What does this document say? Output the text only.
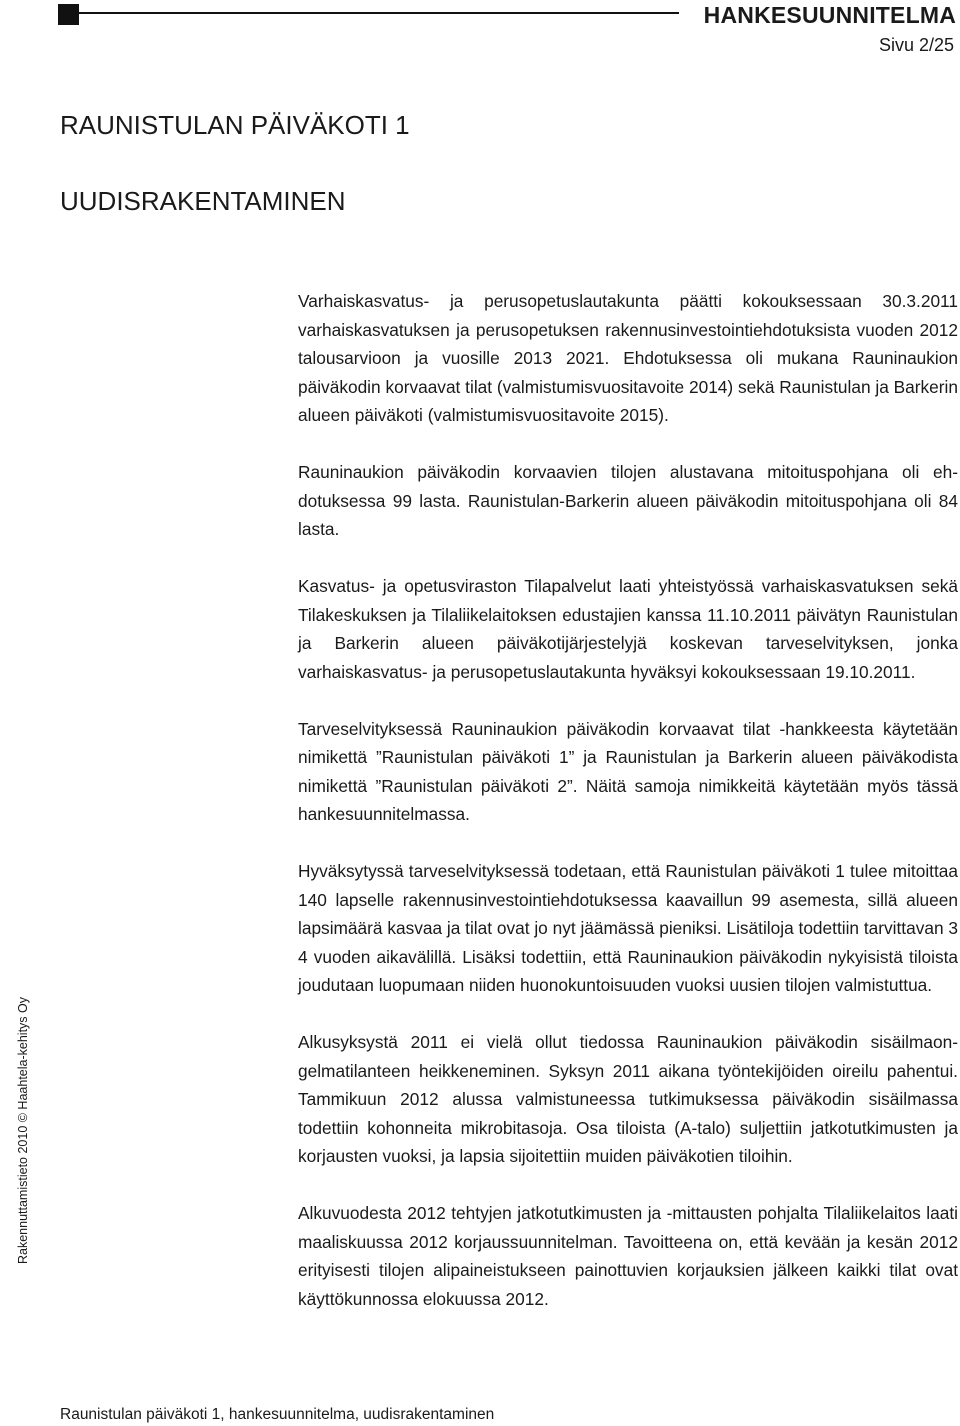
HANKESUUNNITELMA
Sivu 2/25
RAUNISTULAN PÄIVÄKOTI 1
UUDISRAKENTAMINEN

Varhaiskasvatus- ja perusopetuslautakunta päätti kokouksessaan 30.3.2011 varhaiskasvatuksen ja perusopetuksen rakennusinvestointiehdotuksista vuoden 2012 talousarvioon ja vuosille 2013 2021. Ehdotuksessa oli mukana Rauninaukion päiväkodin korvaavat tilat (valmistumisvuositavoite 2014) sekä Raunistulan ja Barkerin alueen päiväkoti (valmistumisvuositavoite 2015).

Rauninaukion päiväkodin korvaavien tilojen alustavana mitoituspohjana oli ehdotuksessa 99 lasta. Raunistulan-Barkerin alueen päiväkodin mitoituspohjana oli 84 lasta.

Kasvatus- ja opetusviraston Tilapalvelut laati yhteistyössä varhaiskasvatuksen sekä Tilakeskuksen ja Tilaliikelaitoksen edustajien kanssa 11.10.2011 päivätyn Raunistulan ja Barkerin alueen päiväkotijärjestelyjä koskevan tarveselvityksen, jonka varhaiskasvatus- ja perusopetuslautakunta hyväksyi kokouksessaan 19.10.2011.

Tarveselvityksessä Rauninaukion päiväkodin korvaavat tilat -hankkeesta käytetään nimikettä ”Raunistulan päiväkoti 1” ja Raunistulan ja Barkerin alueen päiväkodista nimikettä ”Raunistulan päiväkoti 2”. Näitä samoja nimikkeitä käytetään myös tässä hankesuunnitelmassa.

Hyväksytyssä tarveselvityksessä todetaan, että Raunistulan päiväkoti 1 tulee mitoittaa 140 lapselle rakennusinvestointiehdotuksessa kaavaillun 99 asemesta, sillä alueen lapsimäärä kasvaa ja tilat ovat jo nyt jäämässä pieniksi. Lisätiloja todettiin tarvittavan 3 4 vuoden aikavälillä. Lisäksi todettiin, että Rauninaukion päiväkodin nykyisistä tiloista joudutaan luopumaan niiden huonokuntoisuuden vuoksi uusien tilojen valmistuttua.

Alkusyksystä 2011 ei vielä ollut tiedossa Rauninaukion päiväkodin sisäilmaongelmatilanteen heikkeneminen. Syksyn 2011 aikana työntekijöiden oireilu pahentui. Tammikuun 2012 alussa valmistuneessa tutkimuksessa päiväkodin sisäilmassa todettiin kohonneita mikrobitasoja. Osa tiloista (A-talo) suljettiin jatkotutkimusten ja korjausten vuoksi, ja lapsia sijoitettiin muiden päiväkotien tiloihin.

Alkuvuodesta 2012 tehtyjen jatkotutkimusten ja -mittausten pohjalta Tilaliikelaitos laati maaliskuussa 2012 korjaussuunnitelman. Tavoitteena on, että kevään ja kesän 2012 erityisesti tilojen alipaineistukseen painottuvien korjauksien jälkeen kaikki tilat ovat käyttökunnossa elokuussa 2012.

Rakennuttamistieto 2010 © Haahtela-kehitys Oy
Raunistulan päiväkoti 1, hankesuunnitelma, uudisrakentaminen
